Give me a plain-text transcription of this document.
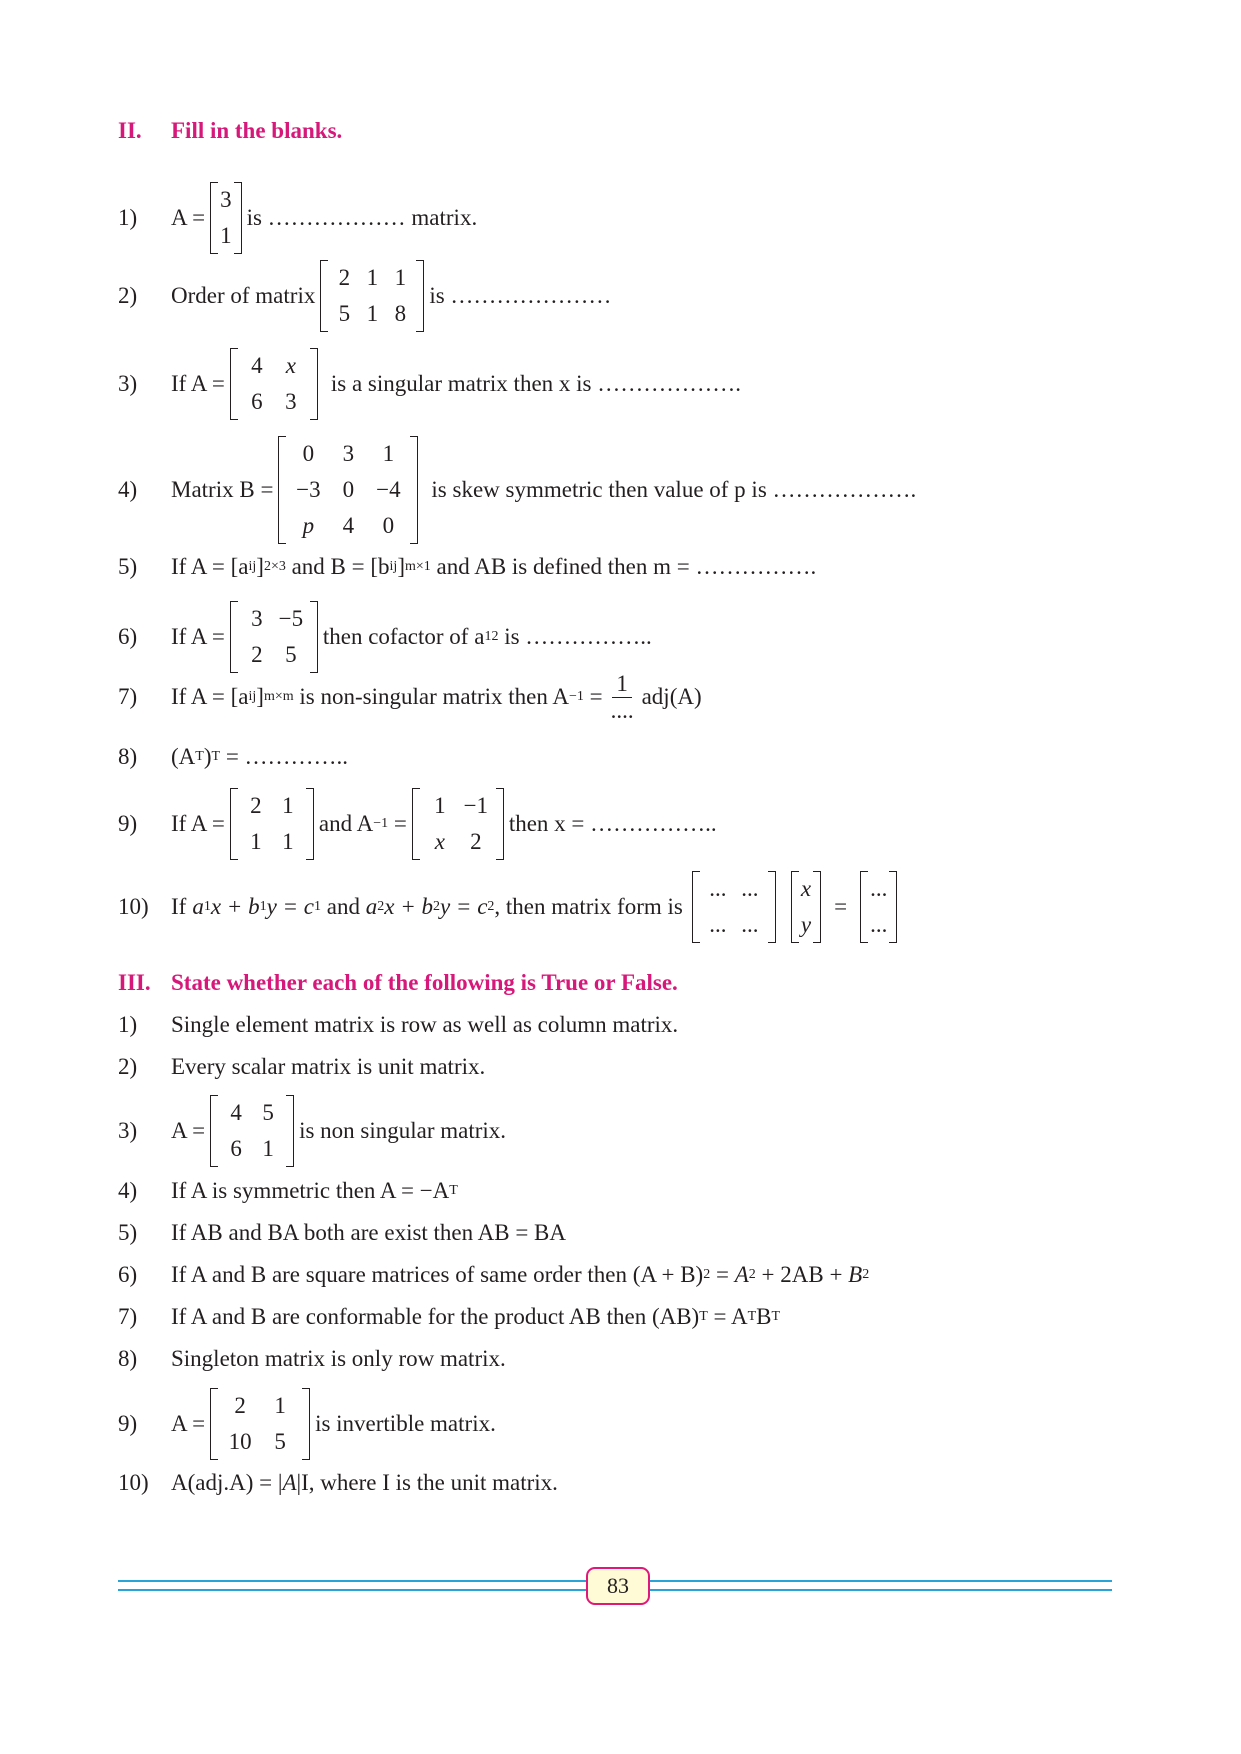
II. Fill in the blanks.
1) A =
3
1
is ……………… matrix.
2) Order of matrix
2 1 1
5 1 8
is …………………
3) If A =
4	x
6 3
is a singular matrix then x is ……………….
4) Matrix B =
0	3	1
−3 0 −4
p	4	0
is skew symmetric then value of p is ……………….
5) If A = [a ij ] 2×3 and B = [b ij ] m×1 and AB is defined then m = …………….
6) If A =
3 −5
2 5
then cofactor of a 12 is ……………..
7) If A = [a ij ] m×m is non-singular matrix then $A -1 = \frac{1}{....} adj(A)$
8) (A T ) T = …………..
9) If A =
2 1
1 1
and A −1 =
1 −1
x	2
then x = ……………..
10) If a 1 x + b 1 y = c 1 and a 2 x + b 2 y = c 2 , then matrix form is
... ...
... ...
x
y
=
...
...
III. State whether each of the following is True or False.
1) Single element matrix is row as well as column matrix.
2) Every scalar matrix is unit matrix.
3) A =
4 5
6 1
is non singular matrix.
4) If A is symmetric then A = −A T
5) If AB and BA both are exist then AB = BA
6) If A and B are square matrices of same order then (A + B) 2 = A 2 + 2AB + B 2
7) If A and B are conformable for the product AB then (AB) T = A T B T
8) Singleton matrix is only row matrix.
9) A =
2	1
10 5
is invertible matrix.
10) A(adj.A) = | A |I, where I is the unit matrix.
83
